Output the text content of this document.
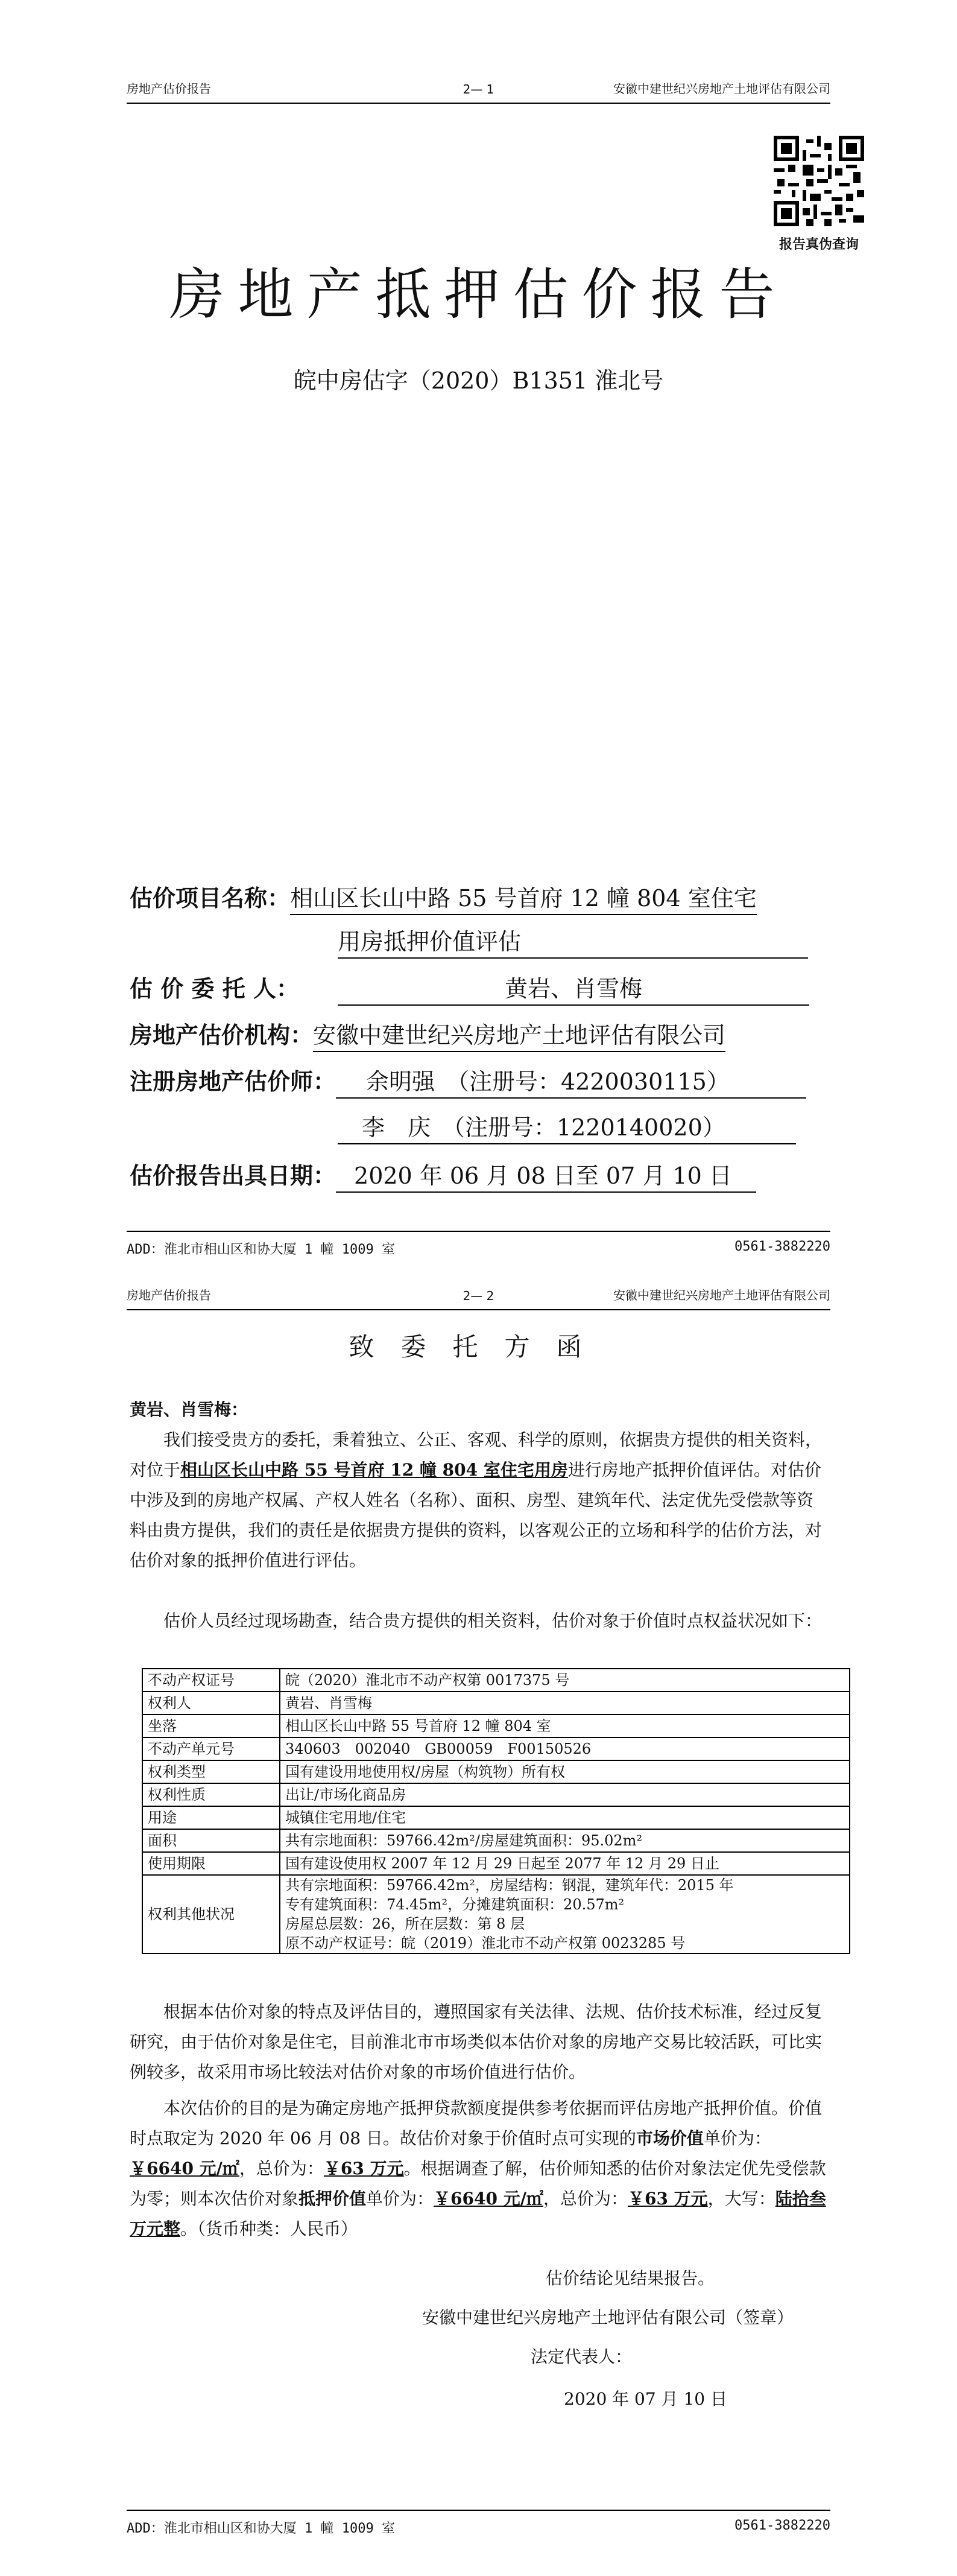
房地产估价报告	2— 1	安徽中建世纪兴房地产土地评估有限公司
报告真伪查询
房地产抵押估价报告
皖中房估字（2020）B1351 淮北号
估价项目名称：相山区长山中路 55 号首府 12 幢 804 室住宅
用房抵押价值评估
估 价 委 托 人：	黄岩、肖雪梅
房地产估价机构：安徽中建世纪兴房地产土地评估有限公司
注册房地产估价师： 余明强　（注册号：4220030115）
李　庆　（注册号：1220140020）
估价报告出具日期： 2020 年 06 月 08 日至 07 月 10 日
ADD：淮北市相山区和协大厦 1 幢 1009 室	0561-3882220
房地产估价报告	2— 2	安徽中建世纪兴房地产土地评估有限公司
致委托方函
黄岩、肖雪梅：
我们接受贵方的委托，秉着独立、公正、客观、科学的原则，依据贵方提供的相关资料，对位于相山区长山中路 55 号首府 12 幢 804 室住宅用房进行房地产抵押价值评估。对估价中涉及到的房地产权属、产权人姓名（名称）、面积、房型、建筑年代、法定优先受偿款等资料由贵方提供，我们的责任是依据贵方提供的资料，以客观公正的立场和科学的估价方法，对估价对象的抵押价值进行评估。
估价人员经过现场勘查，结合贵方提供的相关资料，估价对象于价值时点权益状况如下：
不动产权证号	皖（2020）淮北市不动产权第 0017375 号
权利人	黄岩、肖雪梅
坐落	相山区长山中路 55 号首府 12 幢 804 室
不动产单元号	340603　002040　GB00059　F00150526
权利类型	国有建设用地使用权/房屋（构筑物）所有权
权利性质	出让/市场化商品房
用途	城镇住宅用地/住宅
面积	共有宗地面积：59766.42m²/房屋建筑面积：95.02m²
使用期限	国有建设使用权 2007 年 12 月 29 日起至 2077 年 12 月 29 日止
权利其他状况	共有宗地面积：59766.42m²，房屋结构：钢混，建筑年代：2015 年
专有建筑面积：74.45m²，分摊建筑面积：20.57m²
房屋总层数：26，所在层数：第 8 层
原不动产权证号：皖（2019）淮北市不动产权第 0023285 号
根据本估价对象的特点及评估目的，遵照国家有关法律、法规、估价技术标准，经过反复研究，由于估价对象是住宅，目前淮北市市场类似本估价对象的房地产交易比较活跃，可比实例较多，故采用市场比较法对估价对象的市场价值进行估价。
本次估价的目的是为确定房地产抵押贷款额度提供参考依据而评估房地产抵押价值。价值时点取定为 2020 年 06 月 08 日。故估价对象于价值时点可实现的市场价值单价为：￥6640 元/㎡，总价为：￥63 万元。根据调查了解，估价师知悉的估价对象法定优先受偿款为零；则本次估价对象抵押价值单价为：￥6640 元/㎡，总价为：￥63 万元，大写：陆拾叁万元整。（货币种类：人民币）
估价结论见结果报告。
安徽中建世纪兴房地产土地评估有限公司（签章）
法定代表人：
2020 年 07 月 10 日
ADD：淮北市相山区和协大厦 1 幢 1009 室	0561-3882220
